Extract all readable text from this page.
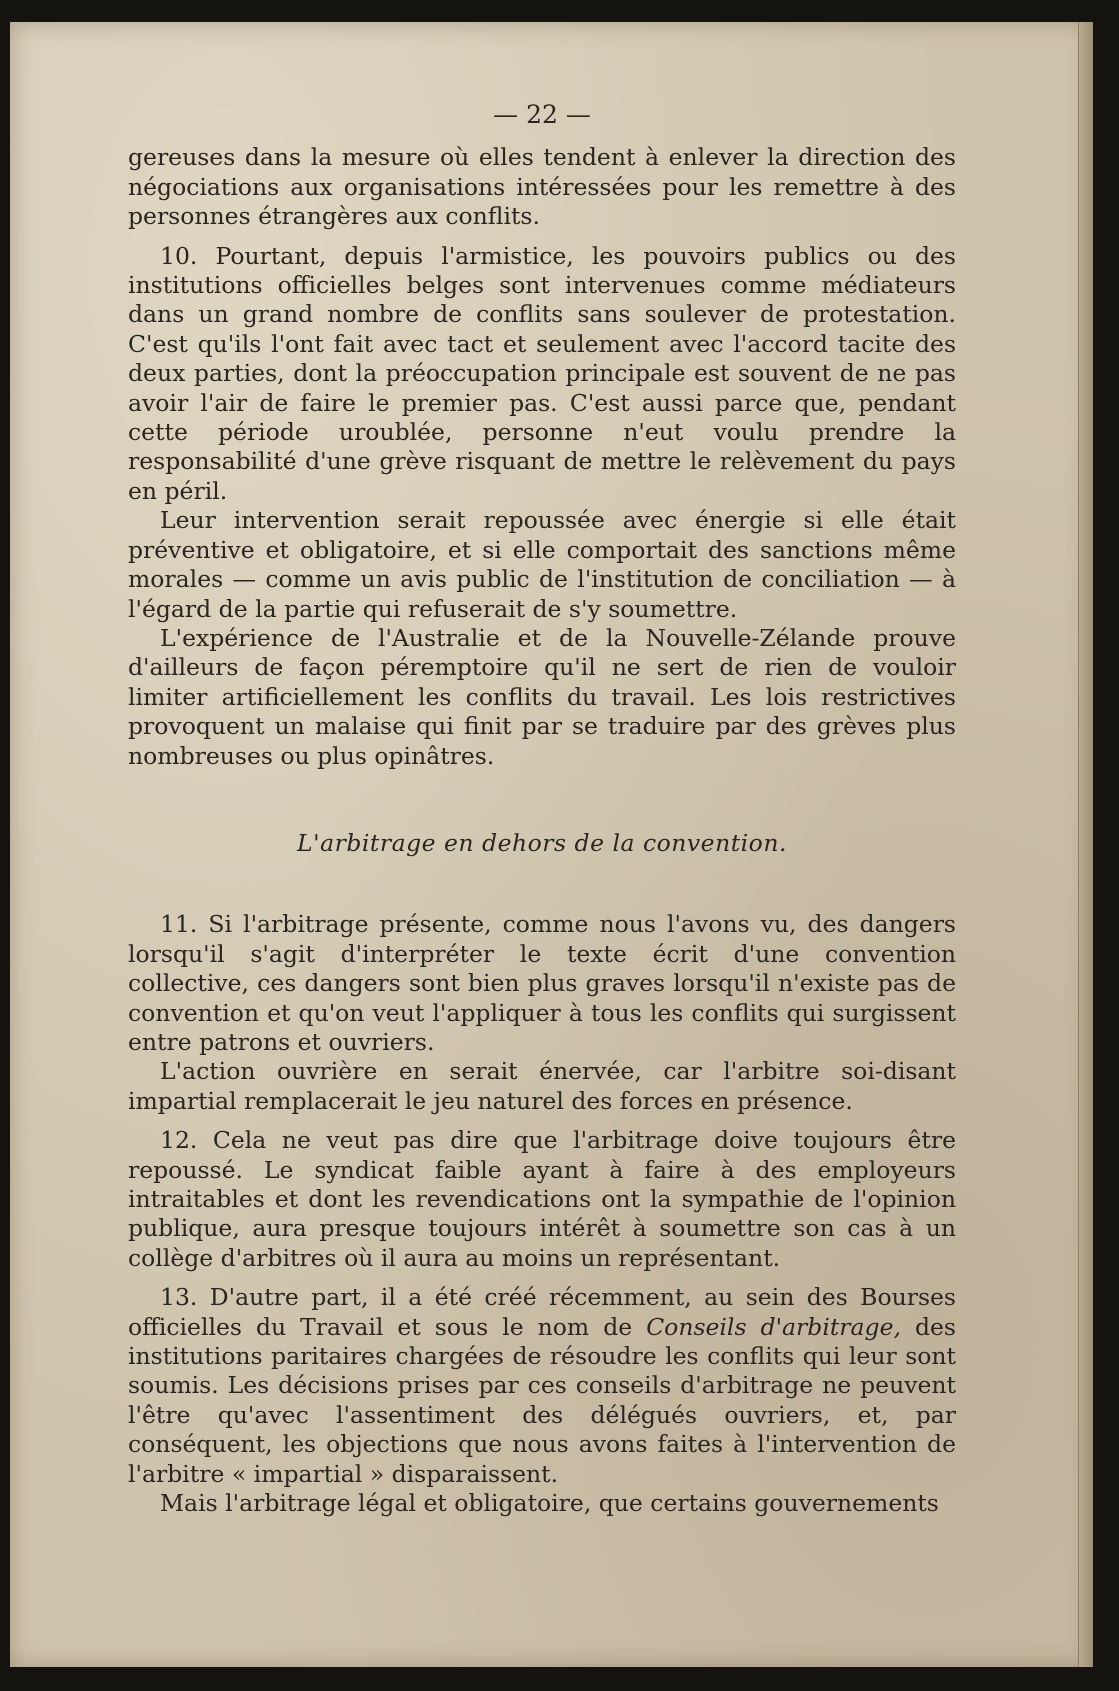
— 22 —

gereuses dans la mesure où elles tendent à enlever la direction des négociations aux organisations intéressées pour les remettre à des personnes étrangères aux conflits.

10. Pourtant, depuis l'armistice, les pouvoirs publics ou des institutions officielles belges sont intervenues comme médiateurs dans un grand nombre de conflits sans soulever de protestation. C'est qu'ils l'ont fait avec tact et seulement avec l'accord tacite des deux parties, dont la préoccupation principale est souvent de ne pas avoir l'air de faire le premier pas. C'est aussi parce que, pendant cette période uroublée, personne n'eut voulu prendre la responsabilité d'une grève risquant de mettre le relèvement du pays en péril.

Leur intervention serait repoussée avec énergie si elle était préventive et obligatoire, et si elle comportait des sanctions même morales — comme un avis public de l'institution de conciliation — à l'égard de la partie qui refuserait de s'y soumettre.

L'expérience de l'Australie et de la Nouvelle-Zélande prouve d'ailleurs de façon péremptoire qu'il ne sert de rien de vouloir limiter artificiellement les conflits du travail. Les lois restrictives provoquent un malaise qui finit par se traduire par des grèves plus nombreuses ou plus opinâtres.

L'arbitrage en dehors de la convention.

11. Si l'arbitrage présente, comme nous l'avons vu, des dangers lorsqu'il s'agit d'interpréter le texte écrit d'une convention collective, ces dangers sont bien plus graves lorsqu'il n'existe pas de convention et qu'on veut l'appliquer à tous les conflits qui surgissent entre patrons et ouvriers.

L'action ouvrière en serait énervée, car l'arbitre soi-disant impartial remplacerait le jeu naturel des forces en présence.

12. Cela ne veut pas dire que l'arbitrage doive toujours être repoussé. Le syndicat faible ayant à faire à des employeurs intraitables et dont les revendications ont la sympathie de l'opinion publique, aura presque toujours intérêt à soumettre son cas à un collège d'arbitres où il aura au moins un représentant.

13. D'autre part, il a été créé récemment, au sein des Bourses officielles du Travail et sous le nom de Conseils d'arbitrage, des institutions paritaires chargées de résoudre les conflits qui leur sont soumis. Les décisions prises par ces conseils d'arbitrage ne peuvent l'être qu'avec l'assentiment des délégués ouvriers, et, par conséquent, les objections que nous avons faites à l'intervention de l'arbitre « impartial » disparaissent.

Mais l'arbitrage légal et obligatoire, que certains gouvernements
